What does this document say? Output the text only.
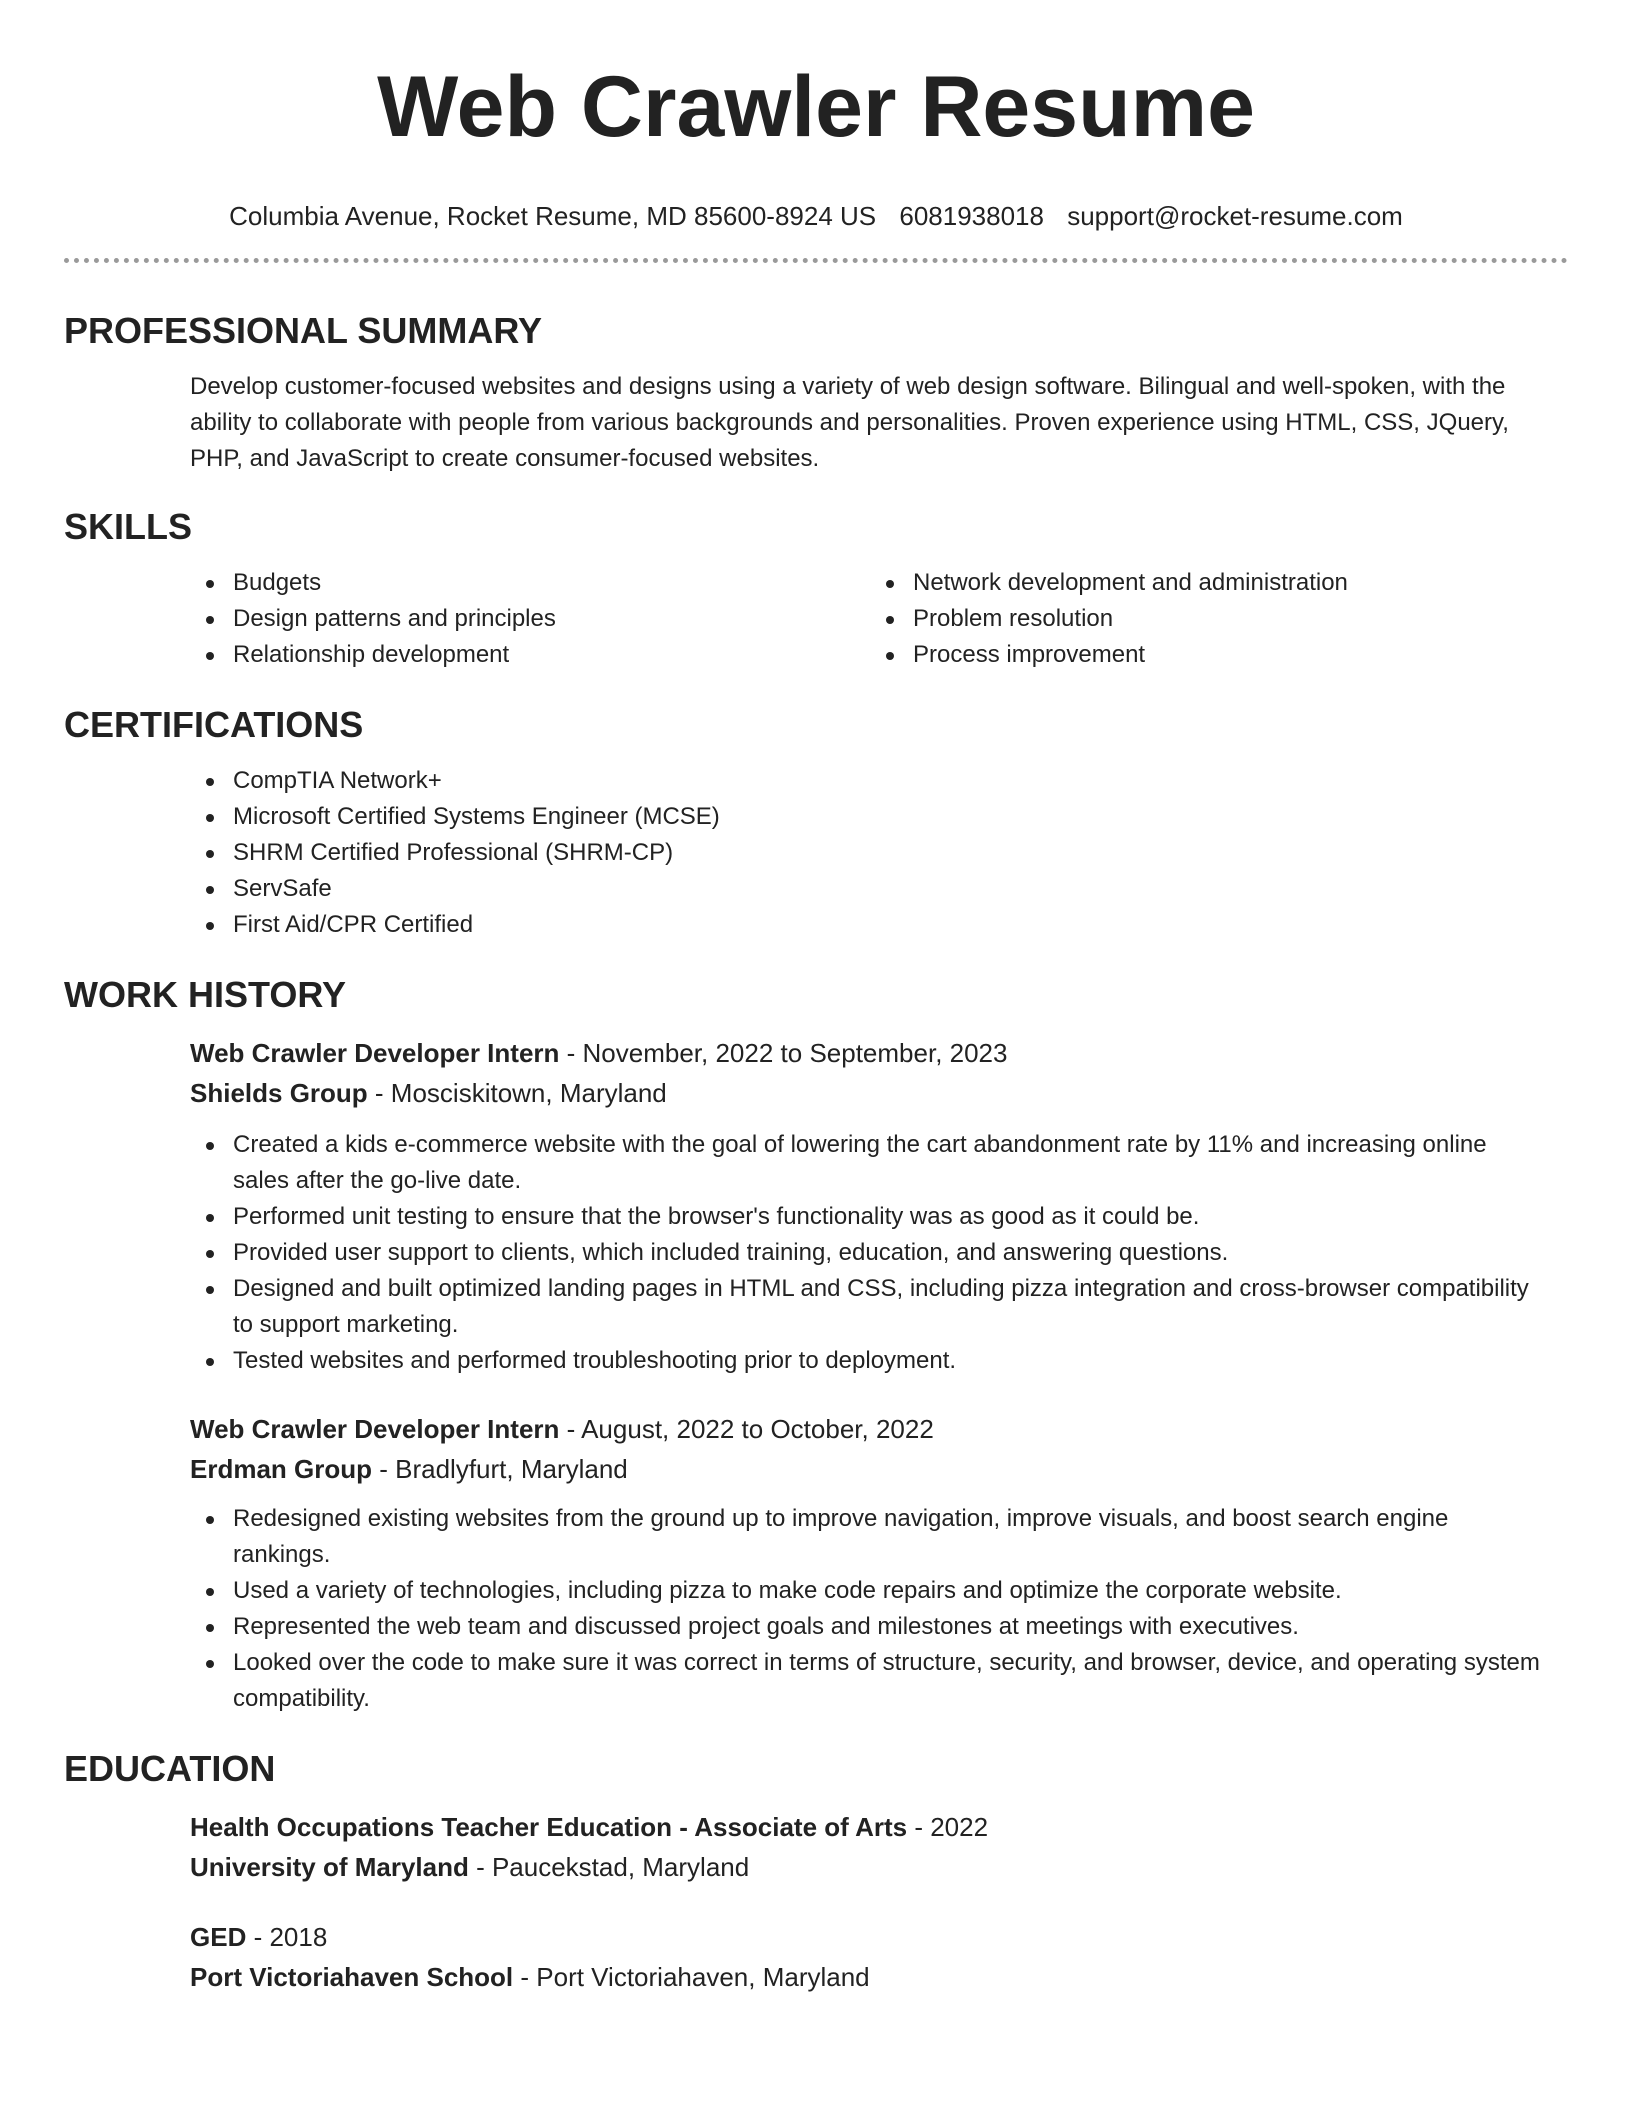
Web Crawler Resume
Columbia Avenue, Rocket Resume, MD 85600-8924 US 6081938018 support@rocket-resume.com
PROFESSIONAL SUMMARY

Develop customer-focused websites and designs using a variety of web design software. Bilingual and well-spoken, with the ability to collaborate with people from various backgrounds and personalities. Proven experience using HTML, CSS, JQuery, PHP, and JavaScript to create consumer-focused websites.

SKILLS
Budgets
Design patterns and principles
Relationship development
Network development and administration
Problem resolution
Process improvement
CERTIFICATIONS
CompTIA Network+
Microsoft Certified Systems Engineer (MCSE)
SHRM Certified Professional (SHRM-CP)
ServSafe
First Aid/CPR Certified
WORK HISTORY
Web Crawler Developer Intern - November, 2022 to September, 2023
Shields Group - Mosciskitown, Maryland
Created a kids e-commerce website with the goal of lowering the cart abandonment rate by 11% and increasing online sales after the go-live date.
Performed unit testing to ensure that the browser's functionality was as good as it could be.
Provided user support to clients, which included training, education, and answering questions.
Designed and built optimized landing pages in HTML and CSS, including pizza integration and cross-browser compatibility to support marketing.
Tested websites and performed troubleshooting prior to deployment.
Web Crawler Developer Intern - August, 2022 to October, 2022
Erdman Group - Bradlyfurt, Maryland
Redesigned existing websites from the ground up to improve navigation, improve visuals, and boost search engine rankings.
Used a variety of technologies, including pizza to make code repairs and optimize the corporate website.
Represented the web team and discussed project goals and milestones at meetings with executives.
Looked over the code to make sure it was correct in terms of structure, security, and browser, device, and operating system compatibility.
EDUCATION
Health Occupations Teacher Education - Associate of Arts - 2022
University of Maryland - Paucekstad, Maryland
GED - 2018
Port Victoriahaven School - Port Victoriahaven, Maryland
